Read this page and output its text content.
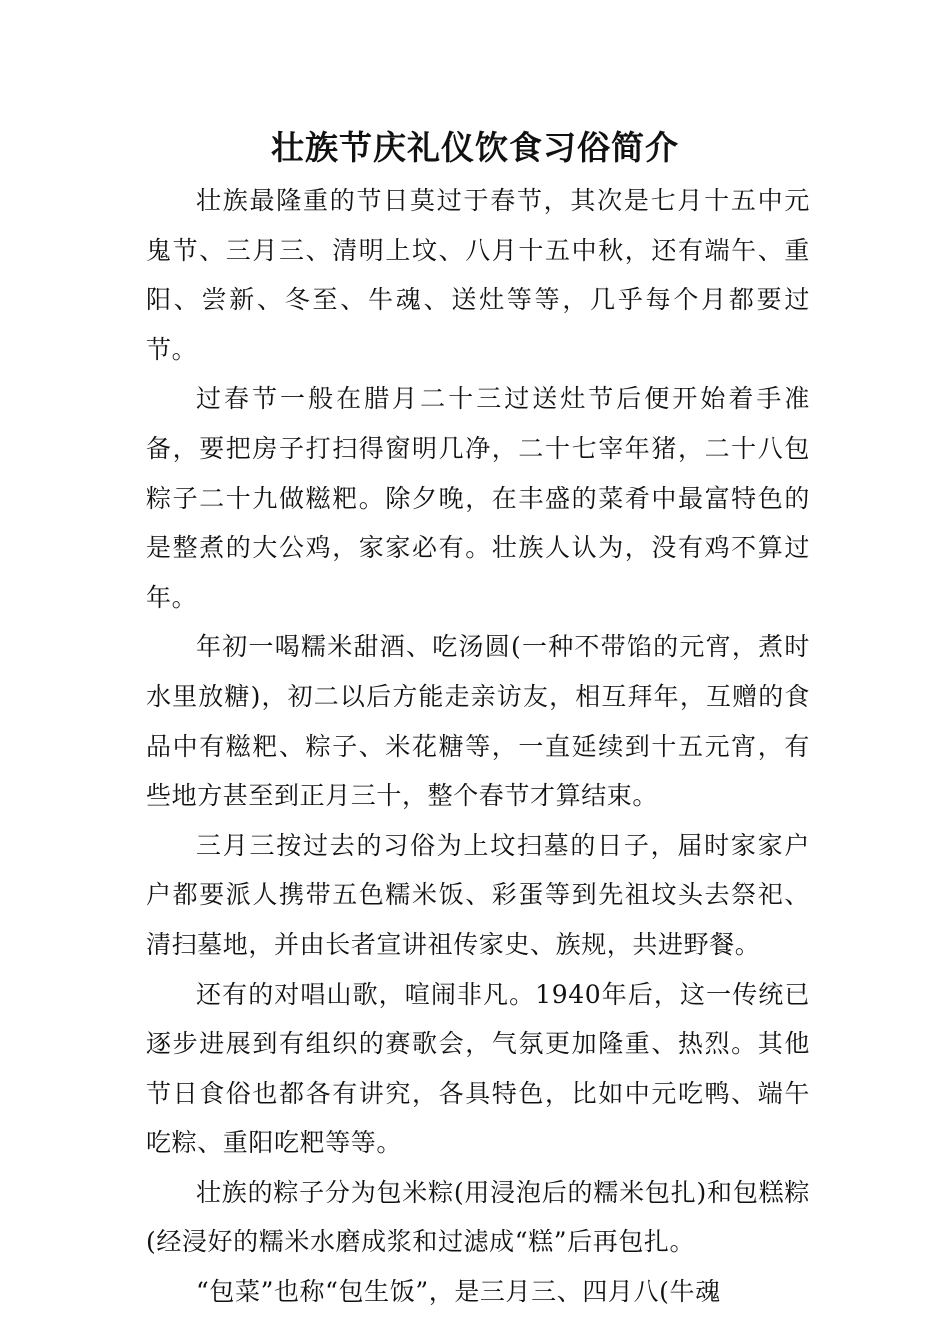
壮族节庆礼仪饮食习俗简介

壮族最隆重的节日莫过于春节，其次是七月十五中元鬼节、三月三、清明上坟、八月十五中秋，还有端午、重阳、尝新、冬至、牛魂、送灶等等，几乎每个月都要过节。

过春节一般在腊月二十三过送灶节后便开始着手准备，要把房子打扫得窗明几净，二十七宰年猪，二十八包粽子二十九做糍粑。除夕晚，在丰盛的菜肴中最富特色的是整煮的大公鸡，家家必有。壮族人认为，没有鸡不算过年。

年初一喝糯米甜酒、吃汤圆(一种不带馅的元宵，煮时水里放糖)，初二以后方能走亲访友，相互拜年，互赠的食品中有糍粑、粽子、米花糖等，一直延续到十五元宵，有些地方甚至到正月三十，整个春节才算结束。

三月三按过去的习俗为上坟扫墓的日子，届时家家户户都要派人携带五色糯米饭、彩蛋等到先祖坟头去祭祀、清扫墓地，并由长者宣讲祖传家史、族规，共进野餐。

还有的对唱山歌，喧闹非凡。1940年后，这一传统已逐步进展到有组织的赛歌会，气氛更加隆重、热烈。其他节日食俗也都各有讲究，各具特色，比如中元吃鸭、端午吃粽、重阳吃粑等等。

壮族的粽子分为包米粽(用浸泡后的糯米包扎)和包糕粽(经浸好的糯米水磨成浆和过滤成“糕”后再包扎。

“包菜”也称“包生饭”，是三月三、四月八(牛魂
